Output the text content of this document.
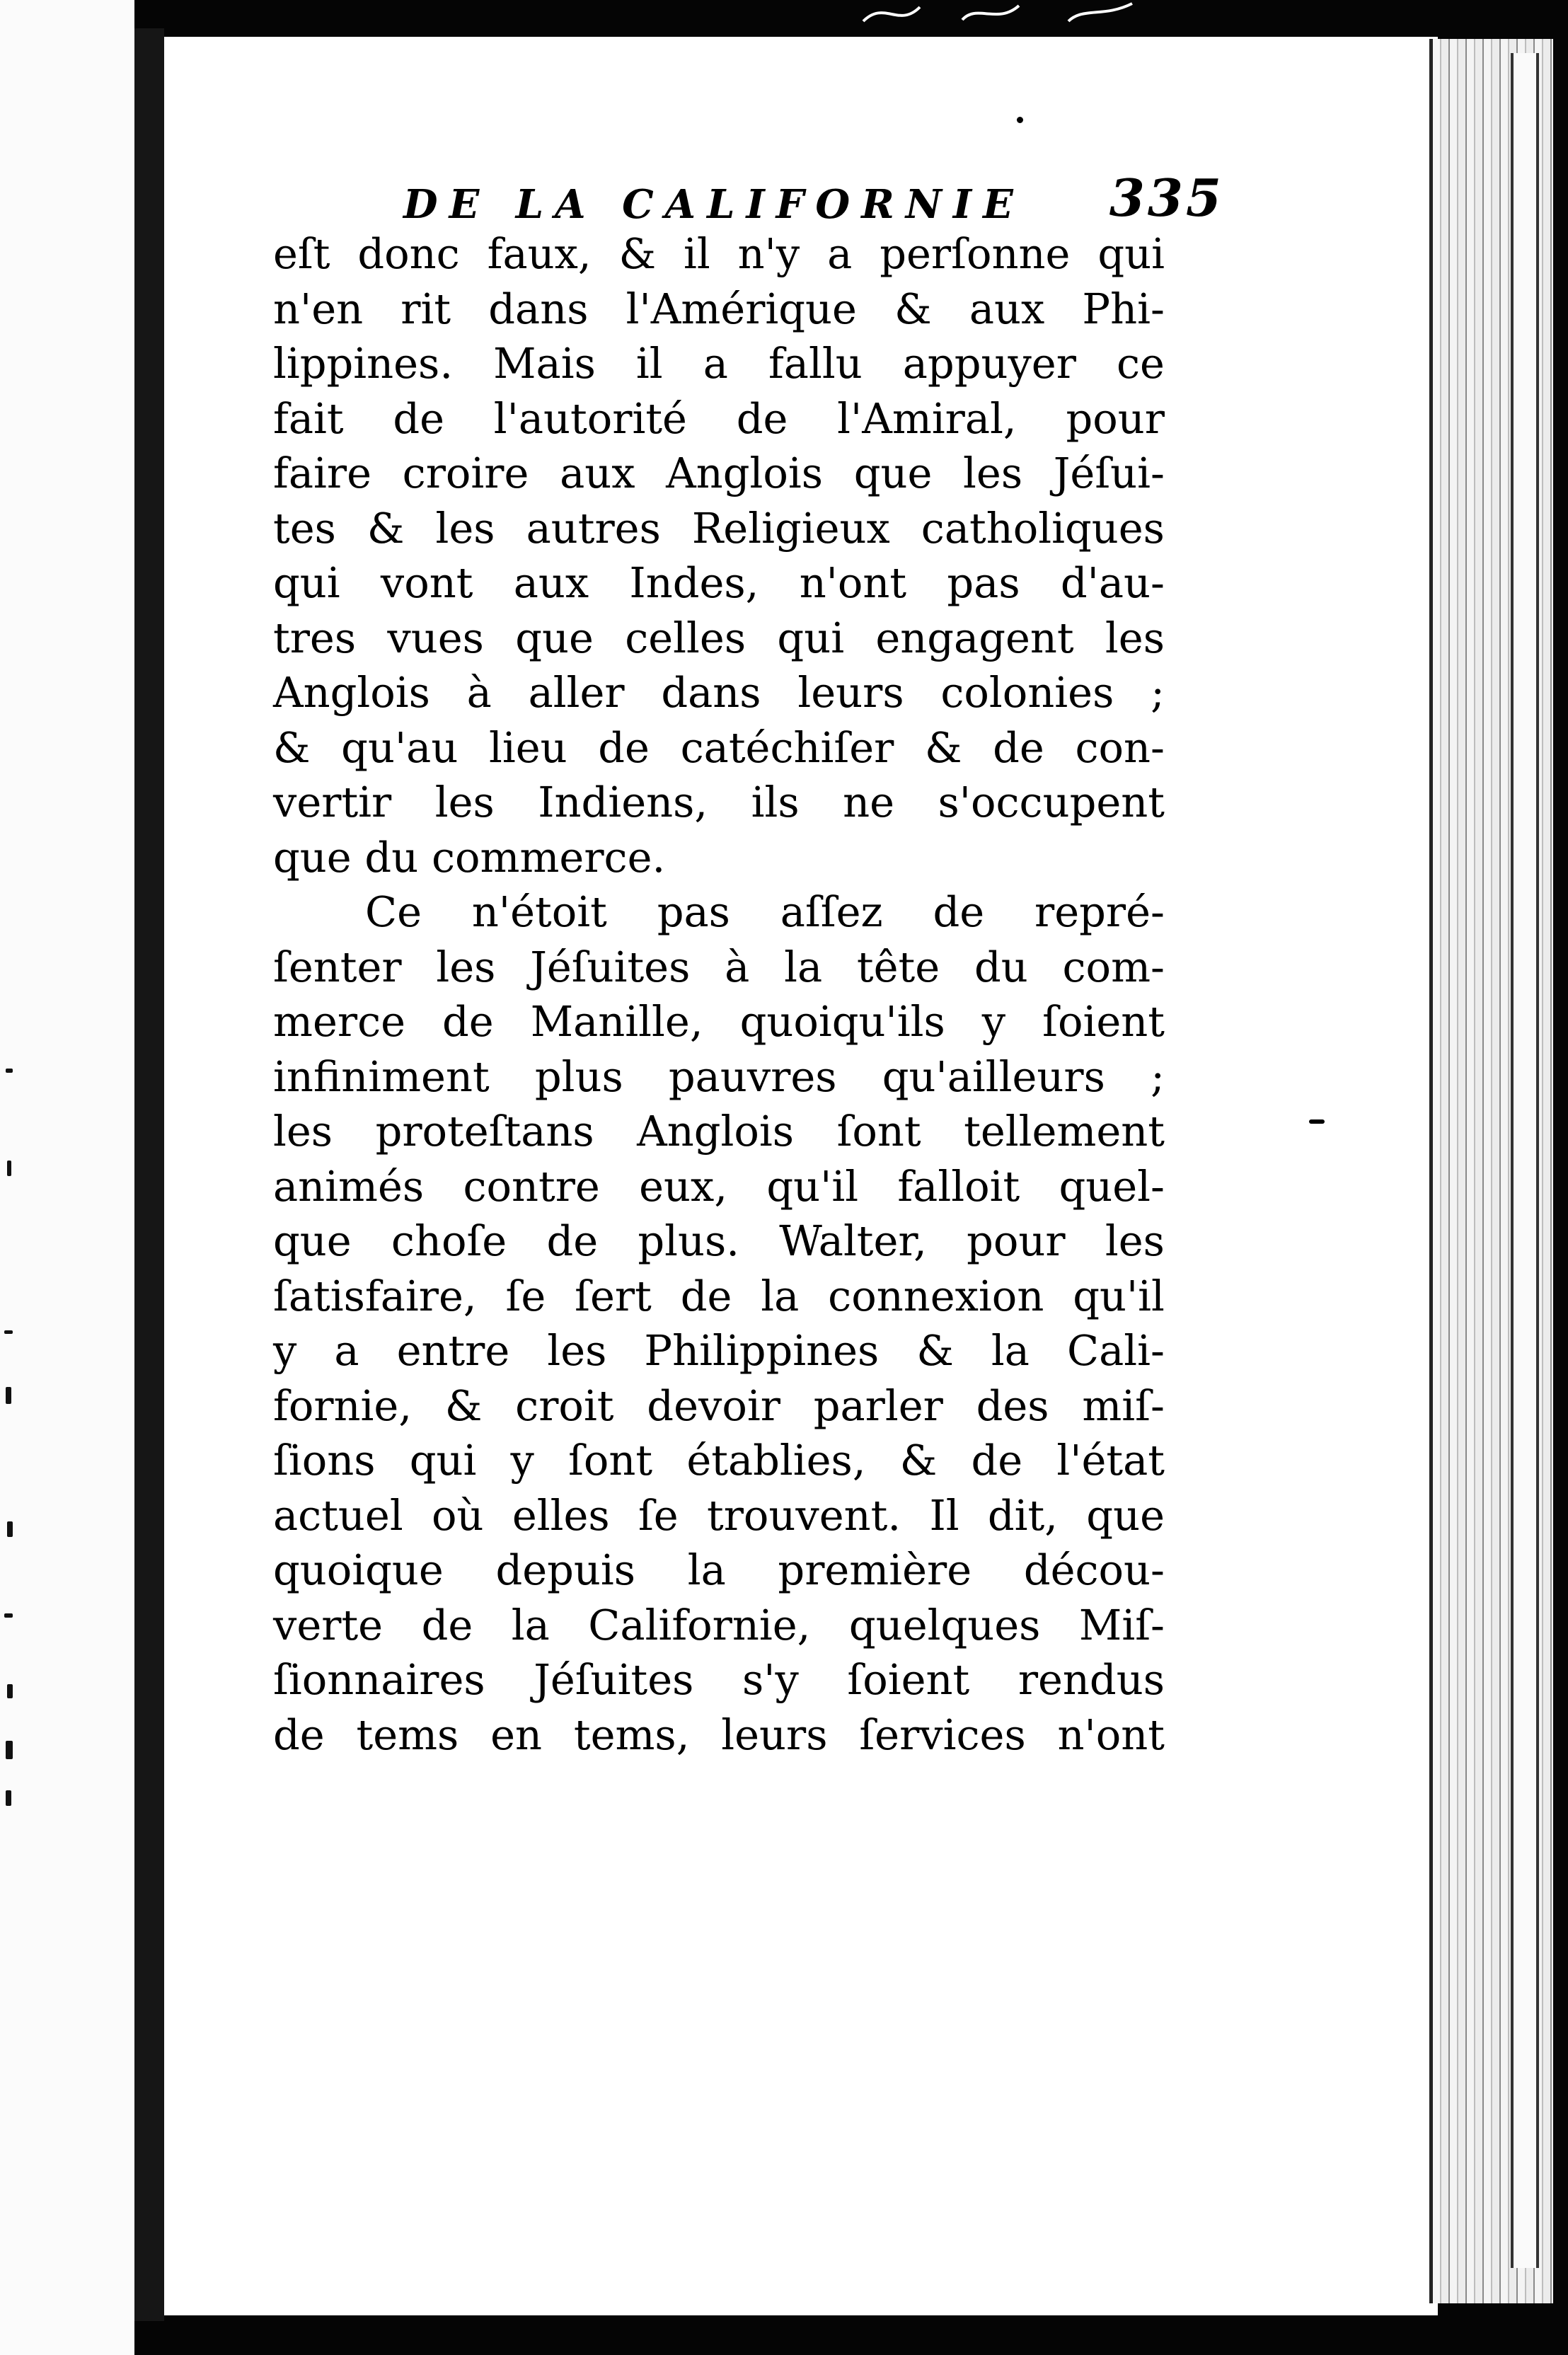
DE LA CALIFORNIE 335
eſt donc faux, & il n'y a perſonne qui
n'en rit dans l'Amérique & aux Phi-
lippines. Mais il a fallu appuyer ce
fait de l'autorité de l'Amiral, pour
faire croire aux Anglois que les Jéſui-
tes & les autres Religieux catholiques
qui vont aux Indes, n'ont pas d'au-
tres vues que celles qui engagent les
Anglois à aller dans leurs colonies ;
& qu'au lieu de catéchiſer & de con-
vertir les Indiens, ils ne s'occupent
que du commerce.
Ce n'étoit pas aſſez de repré-
ſenter les Jéſuites à la tête du com-
merce de Manille, quoiqu'ils y ſoient
infiniment plus pauvres qu'ailleurs ;
les proteſtans Anglois ſont tellement
animés contre eux, qu'il falloit quel-
que choſe de plus. Walter, pour les
ſatisfaire, ſe ſert de la connexion qu'il
y a entre les Philippines & la Cali-
fornie, & croit devoir parler des miſ-
ſions qui y ſont établies, & de l'état
actuel où elles ſe trouvent. Il dit, que
quoique depuis la première décou-
verte de la Californie, quelques Miſ-
ſionnaires Jéſuites s'y ſoient rendus
de tems en tems, leurs ſervices n'ont
